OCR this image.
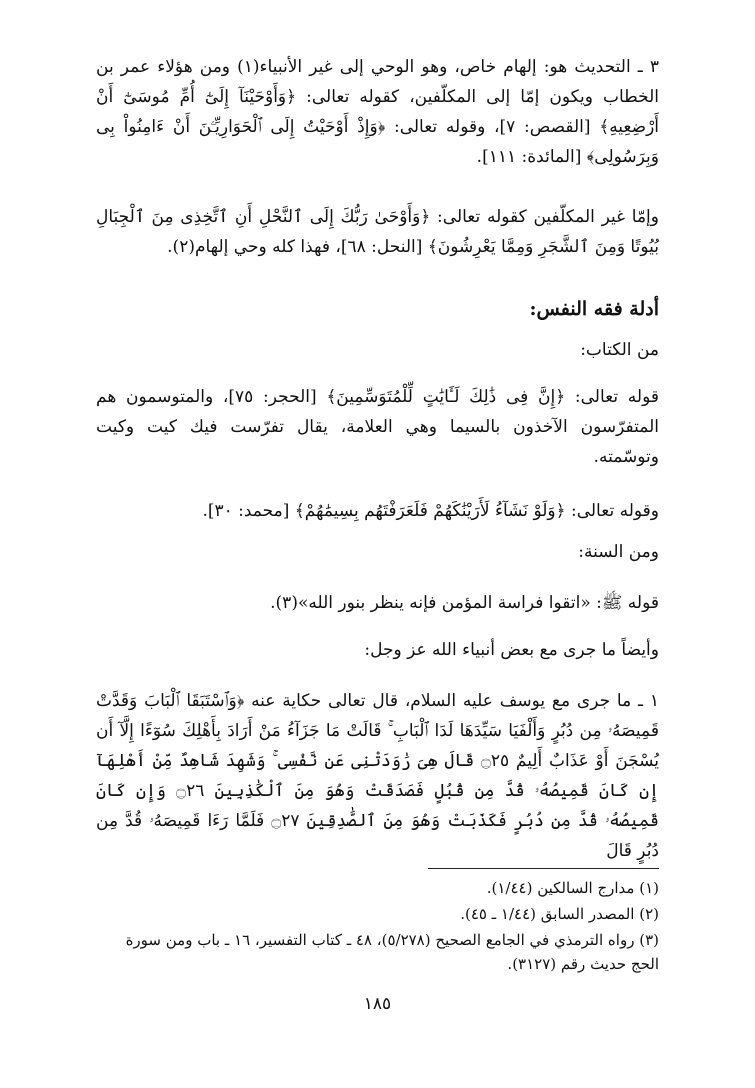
٣ ـ التحديث هو: إلهام خاص، وهو الوحي إلى غير الأنبياء(١) ومن هؤلاء عمر بن الخطاب ويكون إمّا إلى المكلّفين، كقوله تعالى: ﴿وَأَوْحَيْنَآ إِلَىٰٓ أُمِّ مُوسَىٰٓ أَنْ أَرْضِعِيهِ﴾ [القصص: ٧]، وقوله تعالى: ﴿وَإِذْ أَوْحَيْتُ إِلَى ٱلْحَوَارِيِّـۧنَ أَنْ ءَامِنُواْ بِى وَبِرَسُولِى﴾ [المائدة: ١١١].

وإمّا غير المكلّفين كقوله تعالى: ﴿وَأَوْحَىٰ رَبُّكَ إِلَى ٱلنَّحْلِ أَنِ ٱتَّخِذِى مِنَ ٱلْجِبَالِ بُيُوتًا وَمِنَ ٱلشَّجَرِ وَمِمَّا يَعْرِشُونَ﴾ [النحل: ٦٨]، فهذا كله وحي إلهام(٢).

أدلة فقه النفس:
من الكتاب:

قوله تعالى: ﴿إِنَّ فِى ذَٰلِكَ لَـَٔايَٰتٍ لِّلْمُتَوَسِّمِينَ﴾ [الحجر: ٧٥]، والمتوسمون هم المتفرّسون الآخذون بالسيما وهي العلامة، يقال تفرّست فيك كيت وكيت وتوسّمته.

وقوله تعالى: ﴿وَلَوْ نَشَآءُ لَأَرَيْنَٰكَهُمْ فَلَعَرَفْتَهُم بِسِيمَٰهُمْ﴾ [محمد: ٣٠].

ومن السنة:
قوله ﷺ: «اتقوا فراسة المؤمن فإنه ينظر بنور الله»(٣).
وأيضاً ما جرى مع بعض أنبياء الله عز وجل:

١ ـ ما جرى مع يوسف عليه السلام، قال تعالى حكاية عنه ﴿وَٱسْتَبَقَا ٱلْبَابَ وَقَدَّتْ قَمِيصَهُۥ مِن دُبُرٍ وَأَلْفَيَا سَيِّدَهَا لَدَا ٱلْبَابِ ۚ قَالَتْ مَا جَزَآءُ مَنْ أَرَادَ بِأَهْلِكَ سُوٓءًا إِلَّآ أَن يُسْجَنَ أَوْ عَذَابٌ أَلِيمٌ ۝٢٥ قَالَ هِىَ رَٰوَدَتْنِى عَن نَّفْسِى ۚ وَشَهِدَ شَاهِدٌ مِّنْ أَهْلِهَآ إِن كَانَ قَمِيصُهُۥ قُدَّ مِن قُبُلٍ فَصَدَقَتْ وَهُوَ مِنَ ٱلْكَٰذِبِينَ ۝٢٦ وَإِن كَانَ قَمِيصُهُۥ قُدَّ مِن دُبُرٍ فَكَذَبَتْ وَهُوَ مِنَ ٱلصَّٰدِقِينَ ۝٢٧ فَلَمَّا رَءَا قَمِيصَهُۥ قُدَّ مِن دُبُرٍ قَالَ

(١) مدارج السالكين (١/٤٤).
(٢) المصدر السابق (١/٤٤ ـ ٤٥).
(٣) رواه الترمذي في الجامع الصحيح (٥/٢٧٨)، ٤٨ ـ كتاب التفسير، ١٦ ـ باب ومن سورة الحج حديث رقم (٣١٢٧).
١٨٥
